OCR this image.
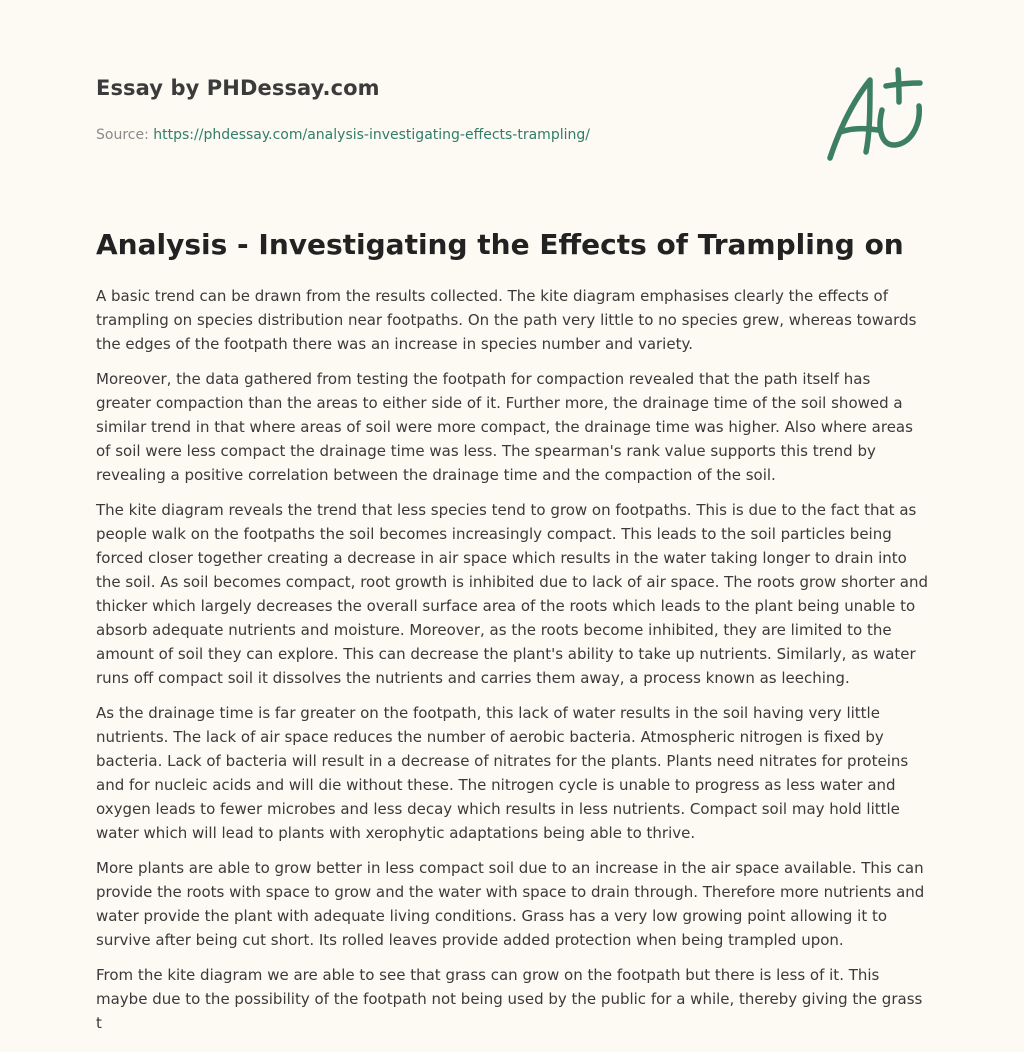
Essay by PHDessay.com
Source: https://phdessay.com/analysis-investigating-effects-trampling/
Analysis - Investigating the Effects of Trampling on

A basic trend can be drawn from the results collected. The kite diagram emphasises clearly the effects of trampling on species distribution near footpaths. On the path very little to no species grew, whereas towards the edges of the footpath there was an increase in species number and variety.

Moreover, the data gathered from testing the footpath for compaction revealed that the path itself has greater compaction than the areas to either side of it. Further more, the drainage time of the soil showed a similar trend in that where areas of soil were more compact, the drainage time was higher. Also where areas of soil were less compact the drainage time was less. The spearman's rank value supports this trend by revealing a positive correlation between the drainage time and the compaction of the soil.

The kite diagram reveals the trend that less species tend to grow on footpaths. This is due to the fact that as people walk on the footpaths the soil becomes increasingly compact. This leads to the soil particles being forced closer together creating a decrease in air space which results in the water taking longer to drain into the soil. As soil becomes compact, root growth is inhibited due to lack of air space. The roots grow shorter and thicker which largely decreases the overall surface area of the roots which leads to the plant being unable to absorb adequate nutrients and moisture. Moreover, as the roots become inhibited, they are limited to the amount of soil they can explore. This can decrease the plant's ability to take up nutrients. Similarly, as water runs off compact soil it dissolves the nutrients and carries them away, a process known as leeching.

As the drainage time is far greater on the footpath, this lack of water results in the soil having very little nutrients. The lack of air space reduces the number of aerobic bacteria. Atmospheric nitrogen is fixed by bacteria. Lack of bacteria will result in a decrease of nitrates for the plants. Plants need nitrates for proteins and for nucleic acids and will die without these. The nitrogen cycle is unable to progress as less water and oxygen leads to fewer microbes and less decay which results in less nutrients. Compact soil may hold little water which will lead to plants with xerophytic adaptations being able to thrive.

More plants are able to grow better in less compact soil due to an increase in the air space available. This can provide the roots with space to grow and the water with space to drain through. Therefore more nutrients and water provide the plant with adequate living conditions. Grass has a very low growing point allowing it to survive after being cut short. Its rolled leaves provide added protection when being trampled upon.

From the kite diagram we are able to see that grass can grow on the footpath but there is less of it. This maybe due to the possibility of the footpath not being used by the public for a while, thereby giving the grass t
